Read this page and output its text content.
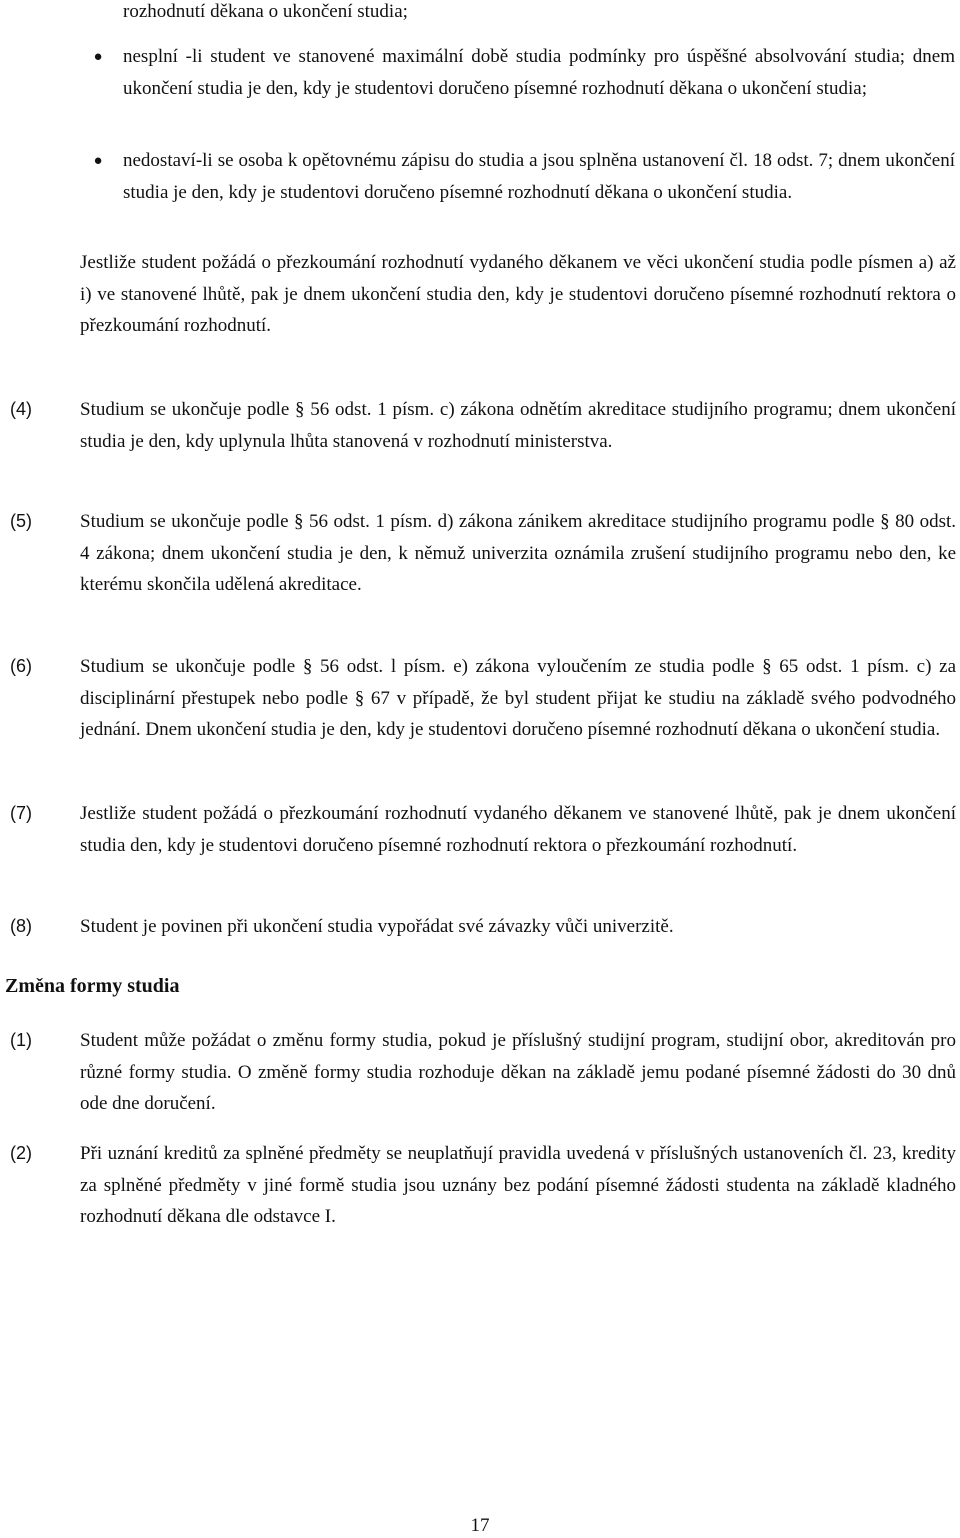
rozhodnutí děkana o ukončení studia;
●	nesplní -li student ve stanovené maximální době studia podmínky pro úspěšné absolvování studia; dnem ukončení studia je den, kdy je studentovi doručeno písemné rozhodnutí děkana o ukončení studia;
●	nedostaví-li se osoba k opětovnému zápisu do studia a jsou splněna ustanovení čl. 18 odst. 7; dnem ukončení studia je den, kdy je studentovi doručeno písemné rozhodnutí děkana o ukončení studia.
Jestliže student požádá o přezkoumání rozhodnutí vydaného děkanem ve věci ukončení studia podle písmen a) až i) ve stanovené lhůtě, pak je dnem ukončení studia den, kdy je studentovi doručeno písemné rozhodnutí rektora o přezkoumání rozhodnutí.
(4)	Studium se ukončuje podle § 56 odst. 1 písm. c) zákona odnětím akreditace studijního programu; dnem ukončení studia je den, kdy uplynula lhůta stanovená v rozhodnutí ministerstva.
(5)	Studium se ukončuje podle § 56 odst. 1 písm. d) zákona zánikem akreditace studijního programu podle § 80 odst. 4 zákona; dnem ukončení studia je den, k němuž univerzita oznámila zrušení studijního programu nebo den, ke kterému skončila udělená akreditace.
(6)	Studium se ukončuje podle § 56 odst. l písm. e) zákona vyloučením ze studia podle § 65 odst. 1 písm. c) za disciplinární přestupek nebo podle § 67 v případě, že byl student přijat ke studiu na základě svého podvodného jednání. Dnem ukončení studia je den, kdy je studentovi doručeno písemné rozhodnutí děkana o ukončení studia.
(7)	Jestliže student požádá o přezkoumání rozhodnutí vydaného děkanem ve stanovené lhůtě, pak je dnem ukončení studia den, kdy je studentovi doručeno písemné rozhodnutí rektora o přezkoumání rozhodnutí.
(8)	Student je povinen při ukončení studia vypořádat své závazky vůči univerzitě.
Změna formy studia
(1)	Student může požádat o změnu formy studia, pokud je příslušný studijní program, studijní obor, akreditován pro různé formy studia. O změně formy studia rozhoduje děkan na základě jemu podané písemné žádosti do 30 dnů ode dne doručení.
(2)	Při uznání kreditů za splněné předměty se neuplatňují pravidla uvedená v příslušných ustanoveních čl. 23, kredity za splněné předměty v jiné formě studia jsou uznány bez podání písemné žádosti studenta na základě kladného rozhodnutí děkana dle odstavce I.
17
